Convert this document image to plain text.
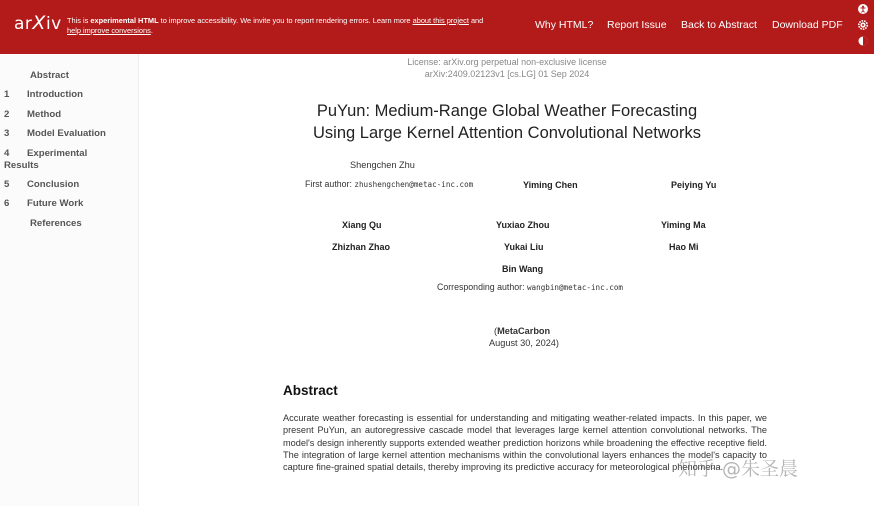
arXiv This is experimental HTML to improve accessibility. We invite you to report rendering errors. Learn more about this project and
help improve conversions.	Why HTML? Report Issue Back to Abstract Download PDF
Abstract
1 Introduction
2 Method
3 Model Evaluation
4 Experimental
Results
5 Conclusion
6 Future Work
References
License: arXiv.org perpetual non-exclusive license
arXiv:2409.02123v1 [cs.LG] 01 Sep 2024
PuYun: Medium-Range Global Weather Forecasting
Using Large Kernel Attention Convolutional Networks
Shengchen Zhu
First author: zhushengchen@metac-inc.com	Yiming Chen	Peiying Yu
Xiang Qu	Yuxiao Zhou	Yiming Ma
Zhizhan Zhao	Yukai Liu	Hao Mi
Bin Wang
Corresponding author: wangbin@metac-inc.com
(MetaCarbon
August 30, 2024)
Abstract
Accurate weather forecasting is essential for understanding and mitigating weather-related impacts. In this paper, we present PuYun, an autoregressive cascade model that leverages large kernel attention convolutional networks. The model's design inherently supports extended weather prediction horizons while broadening the effective receptive field. The integration of large kernel attention mechanisms within the convolutional layers enhances the model's capacity to capture fine-grained spatial details, thereby improving its predictive accuracy for meteorological phenomena.
知乎 @朱圣晨
